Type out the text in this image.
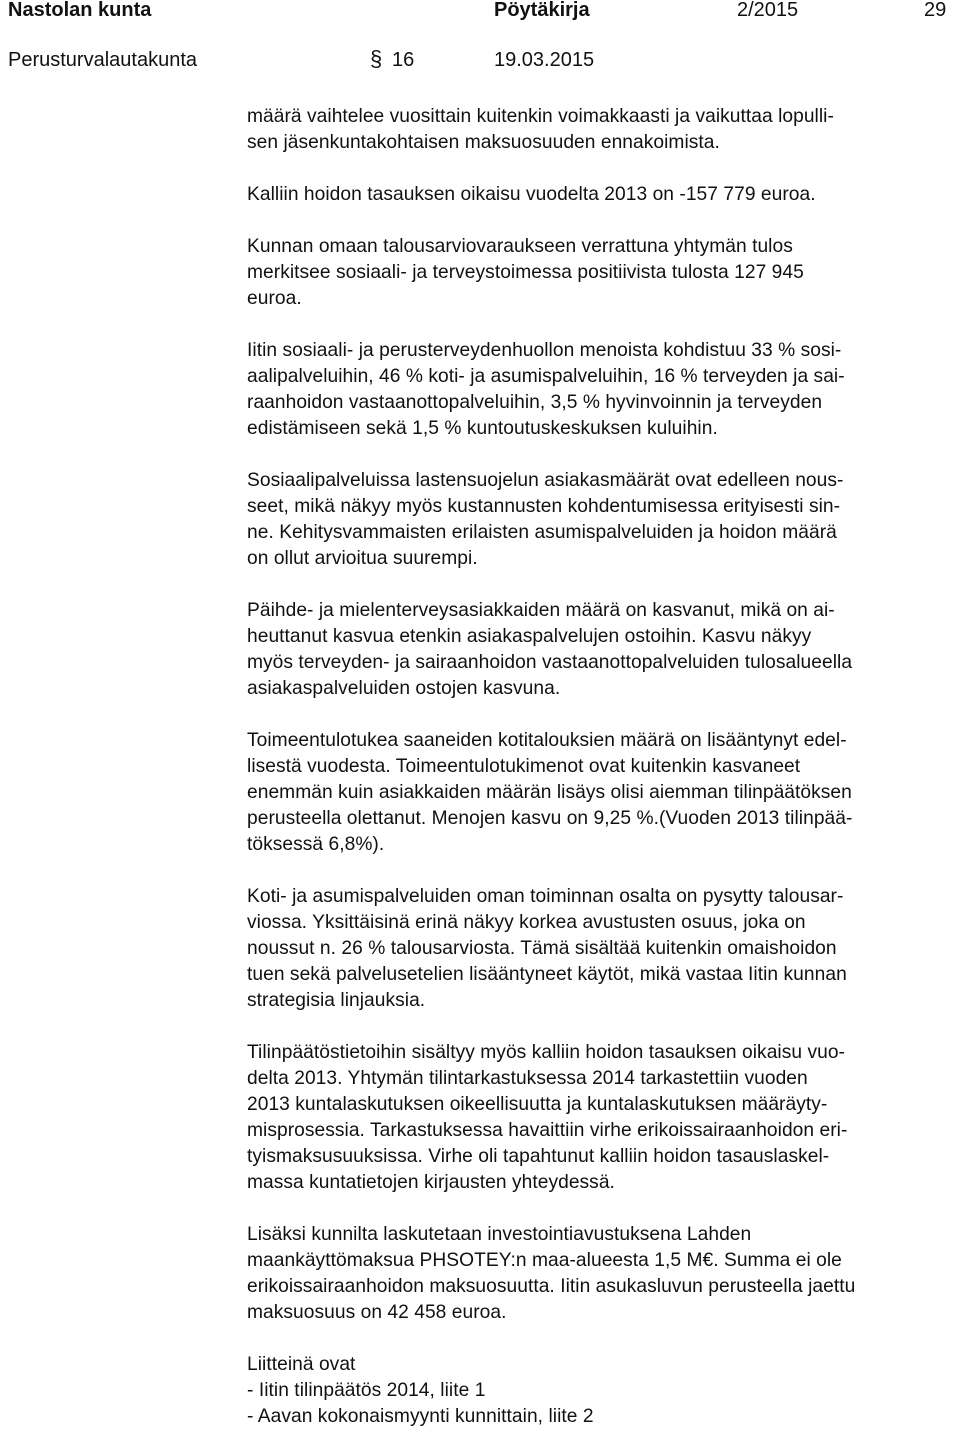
Nastolan kunta	Pöytäkirja	2/2015	29
Perusturvalautakunta	§ 16	19.03.2015
määrä vaihtelee vuosittain kuitenkin voimakkaasti ja vaikuttaa lopulli-
sen jäsenkuntakohtaisen maksuosuuden ennakoimista.
Kalliin hoidon tasauksen oikaisu vuodelta 2013 on -157 779 euroa.
Kunnan omaan talousarviovaraukseen verrattuna yhtymän tulos
merkitsee sosiaali- ja terveystoimessa positiivista tulosta 127 945
euroa.
Iitin sosiaali- ja perusterveydenhuollon menoista kohdistuu 33 % sosi-
aalipalveluihin, 46 % koti- ja asumispalveluihin, 16 % terveyden ja sai-
raanhoidon vastaanottopalveluihin, 3,5 % hyvinvoinnin ja terveyden
edistämiseen sekä 1,5 % kuntoutuskeskuksen kuluihin.
Sosiaalipalveluissa lastensuojelun asiakasmäärät ovat edelleen nous-
seet, mikä näkyy myös kustannusten kohdentumisessa erityisesti sin-
ne. Kehitysvammaisten erilaisten asumispalveluiden ja hoidon määrä
on ollut arvioitua suurempi.
Päihde- ja mielenterveysasiakkaiden määrä on kasvanut, mikä on ai-
heuttanut kasvua etenkin asiakaspalvelujen ostoihin. Kasvu näkyy
myös terveyden- ja sairaanhoidon vastaanottopalveluiden tulosalueella
asiakaspalveluiden ostojen kasvuna.
Toimeentulotukea saaneiden kotitalouksien määrä on lisääntynyt edel-
lisestä vuodesta. Toimeentulotukimenot ovat kuitenkin kasvaneet
enemmän kuin asiakkaiden määrän lisäys olisi aiemman tilinpäätöksen
perusteella olettanut. Menojen kasvu on 9,25 %.(Vuoden 2013 tilinpää-
töksessä 6,8%).
Koti- ja asumispalveluiden oman toiminnan osalta on pysytty talousar-
viossa. Yksittäisinä erinä näkyy korkea avustusten osuus, joka on
noussut n. 26 % talousarviosta. Tämä sisältää kuitenkin omaishoidon
tuen sekä palvelusetelien lisääntyneet käytöt, mikä vastaa Iitin kunnan
strategisia linjauksia.
Tilinpäätöstietoihin sisältyy myös kalliin hoidon tasauksen oikaisu vuo-
delta 2013. Yhtymän tilintarkastuksessa 2014 tarkastettiin vuoden
2013 kuntalaskutuksen oikeellisuutta ja kuntalaskutuksen määräyty-
misprosessia. Tarkastuksessa havaittiin virhe erikoissairaanhoidon eri-
tyismaksusuuksissa. Virhe oli tapahtunut kalliin hoidon tasauslaskel-
massa kuntatietojen kirjausten yhteydessä.
Lisäksi kunnilta laskutetaan investointiavustuksena Lahden
maankäyttömaksua PHSOTEY:n maa-alueesta 1,5 M€. Summa ei ole
erikoissairaanhoidon maksuosuutta. Iitin asukasluvun perusteella jaettu
maksuosuus on 42 458 euroa.
Liitteinä ovat
- Iitin tilinpäätös 2014, liite 1
- Aavan kokonaismyynti kunnittain, liite 2
